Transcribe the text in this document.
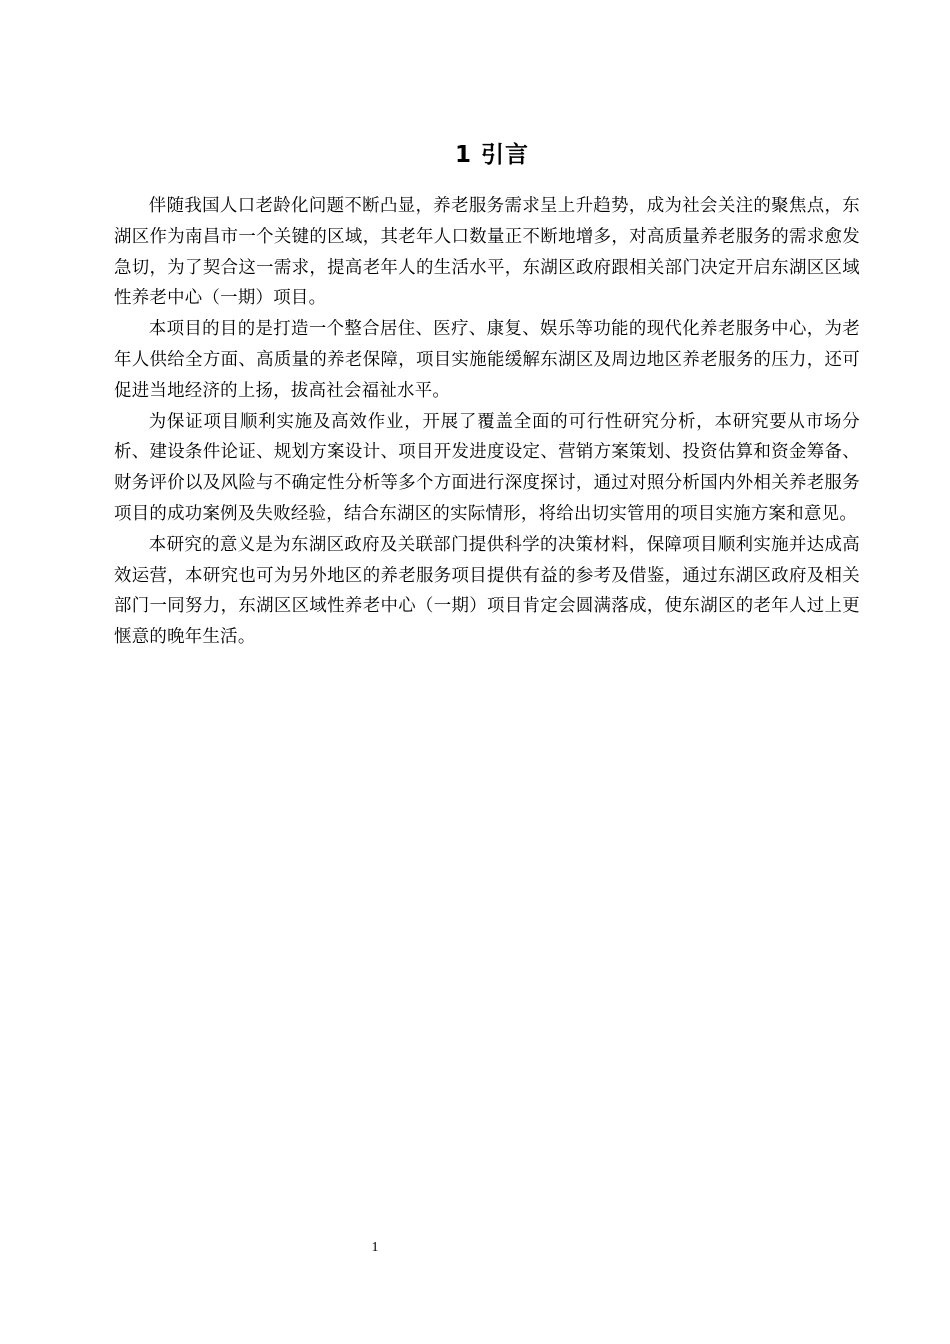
1 引言

伴随我国人口老龄化问题不断凸显，养老服务需求呈上升趋势，成为社会关注的聚焦点，东湖区作为南昌市一个关键的区域，其老年人口数量正不断地增多，对高质量养老服务的需求愈发急切，为了契合这一需求，提高老年人的生活水平，东湖区政府跟相关部门决定开启东湖区区域性养老中心（一期）项目。

本项目的目的是打造一个整合居住、医疗、康复、娱乐等功能的现代化养老服务中心，为老年人供给全方面、高质量的养老保障，项目实施能缓解东湖区及周边地区养老服务的压力，还可促进当地经济的上扬，拔高社会福祉水平。

为保证项目顺利实施及高效作业，开展了覆盖全面的可行性研究分析，本研究要从市场分析、建设条件论证、规划方案设计、项目开发进度设定、营销方案策划、投资估算和资金筹备、财务评价以及风险与不确定性分析等多个方面进行深度探讨，通过对照分析国内外相关养老服务项目的成功案例及失败经验，结合东湖区的实际情形，将给出切实管用的项目实施方案和意见。

本研究的意义是为东湖区政府及关联部门提供科学的决策材料，保障项目顺利实施并达成高效运营，本研究也可为另外地区的养老服务项目提供有益的参考及借鉴，通过东湖区政府及相关部门一同努力，东湖区区域性养老中心（一期）项目肯定会圆满落成，使东湖区的老年人过上更惬意的晚年生活。

1
